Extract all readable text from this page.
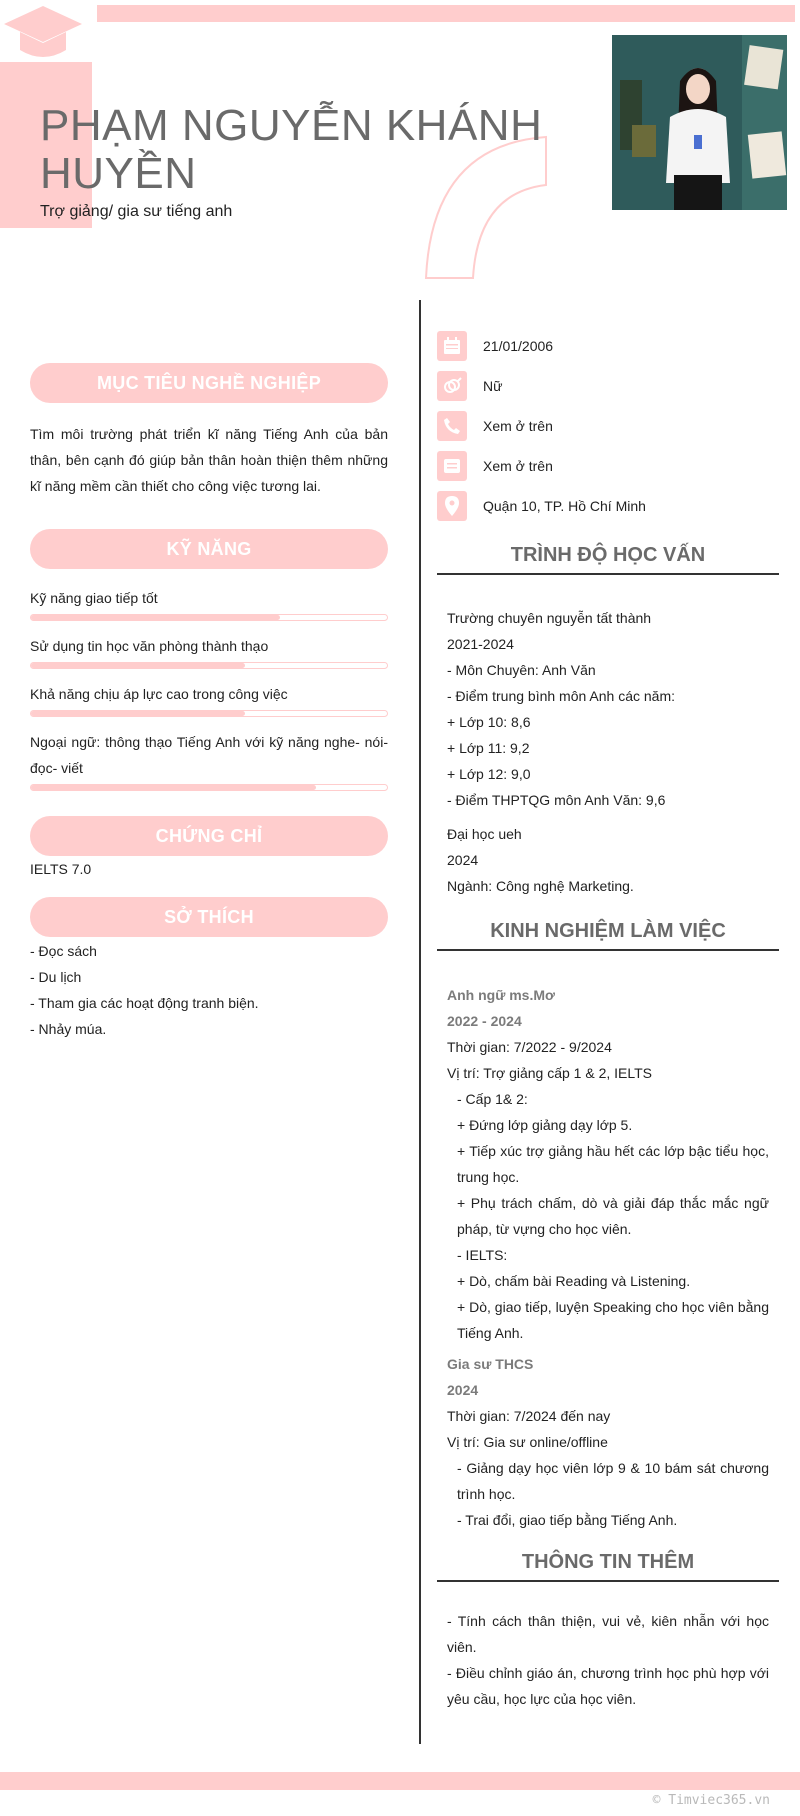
PHẠM NGUYỄN KHÁNH HUYỀN
Trợ giảng/ gia sư tiếng anh
MỤC TIÊU NGHỀ NGHIỆP

Tìm môi trường phát triển kĩ năng Tiếng Anh của bản thân, bên cạnh đó giúp bản thân hoàn thiện thêm những kĩ năng mềm cần thiết cho công việc tương lai.

KỸ NĂNG
Kỹ năng giao tiếp tốt
Sử dụng tin học văn phòng thành thạo
Khả năng chịu áp lực cao trong công việc
Ngoại ngữ: thông thạo Tiếng Anh với kỹ năng nghe- nói- đọc- viết
CHỨNG CHỈ
IELTS 7.0
SỞ THÍCH
- Đọc sách
- Du lịch
- Tham gia các hoạt động tranh biện.
- Nhảy múa.
21/01/2006
Nữ
Xem ở trên
Xem ở trên
Quận 10, TP. Hồ Chí Minh
TRÌNH ĐỘ HỌC VẤN
Trường chuyên nguyễn tất thành
2021-2024
- Môn Chuyên: Anh Văn
- Điểm trung bình môn Anh các năm:
+ Lớp 10: 8,6
+ Lớp 11: 9,2
+ Lớp 12: 9,0
- Điểm THPTQG môn Anh Văn: 9,6
Đại học ueh
2024
Ngành: Công nghệ Marketing.
KINH NGHIỆM LÀM VIỆC
Anh ngữ ms.Mơ
2022 - 2024
Thời gian: 7/2022 - 9/2024
Vị trí: Trợ giảng cấp 1 & 2, IELTS
- Cấp 1& 2:
+ Đứng lớp giảng dạy lớp 5.
+ Tiếp xúc trợ giảng hầu hết các lớp bậc tiểu học, trung học.
+ Phụ trách chấm, dò và giải đáp thắc mắc ngữ pháp, từ vựng cho học viên.
- IELTS:
+ Dò, chấm bài Reading và Listening.
+ Dò, giao tiếp, luyện Speaking cho học viên bằng Tiếng Anh.
Gia sư THCS
2024
Thời gian: 7/2024 đến nay
Vị trí: Gia sư online/offline
- Giảng dạy học viên lớp 9 & 10 bám sát chương trình học.
- Trai đổi, giao tiếp bằng Tiếng Anh.
THÔNG TIN THÊM
- Tính cách thân thiện, vui vẻ, kiên nhẫn với học viên.
- Điều chỉnh giáo án, chương trình học phù hợp với yêu cầu, học lực của học viên.
© Timviec365.vn
